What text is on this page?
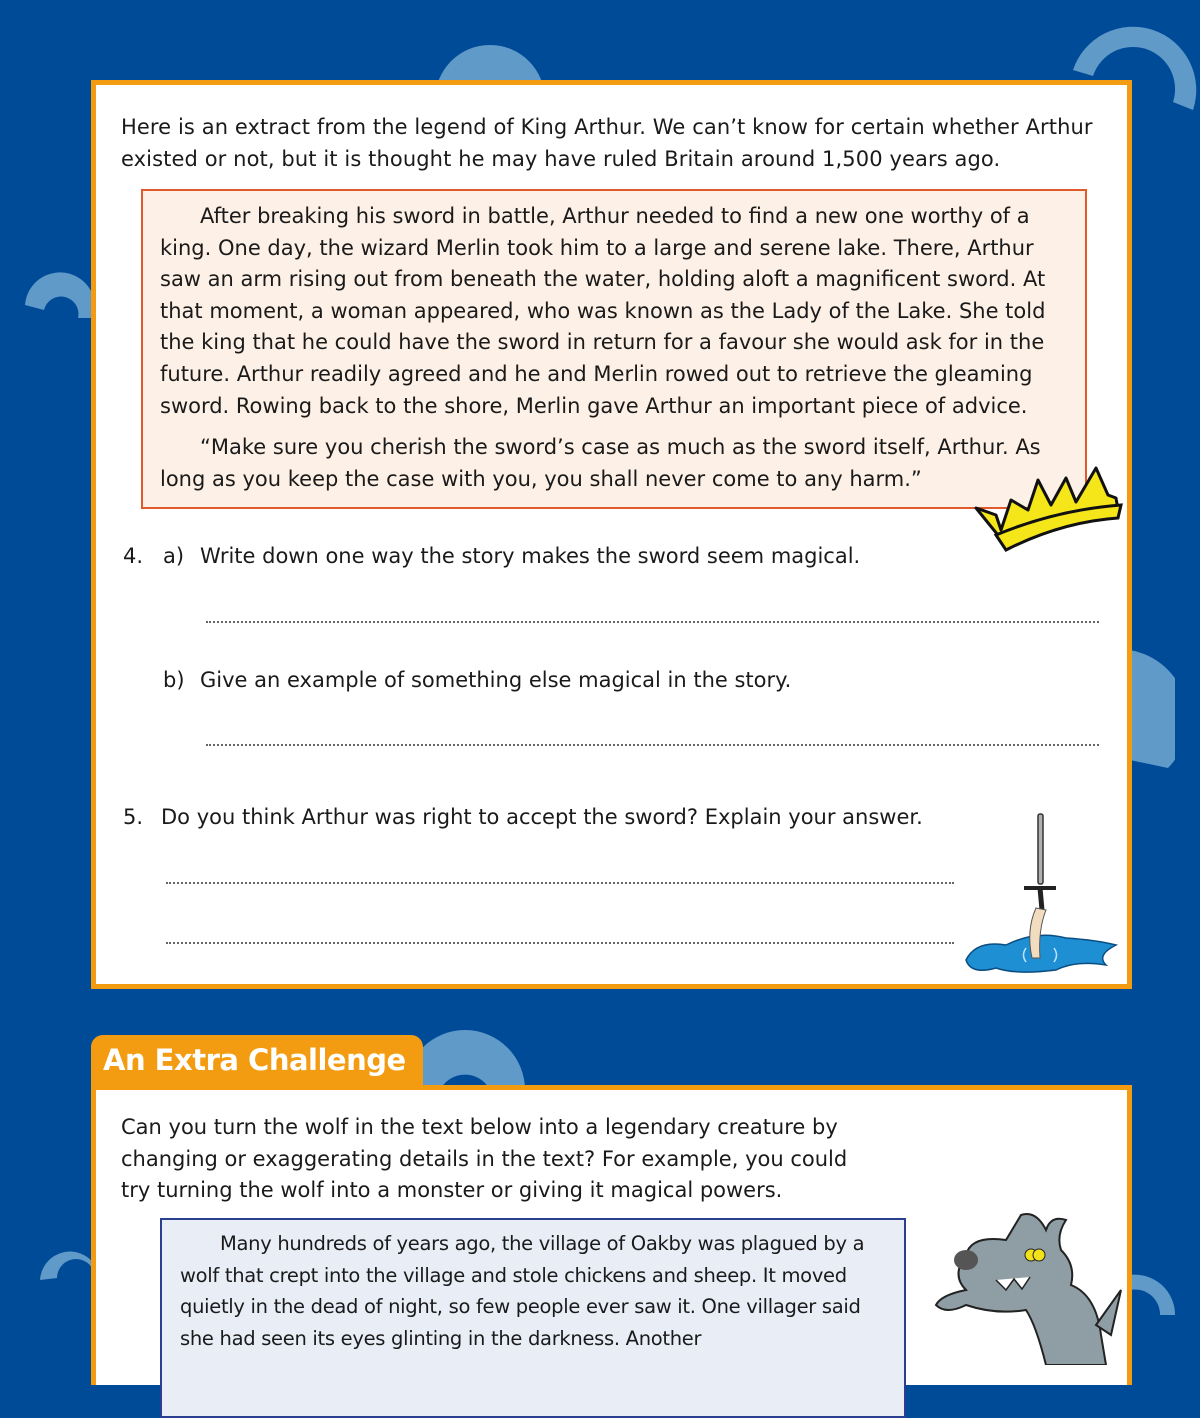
Here is an extract from the legend of King Arthur. We can’t know for certain whether Arthur existed or not, but it is thought he may have ruled Britain around 1,500 years ago.

After breaking his sword in battle, Arthur needed to find a new one worthy of a king. One day, the wizard Merlin took him to a large and serene lake. There, Arthur saw an arm rising out from beneath the water, holding aloft a magnificent sword. At that moment, a woman appeared, who was known as the Lady of the Lake. She told the king that he could have the sword in return for a favour she would ask for in the future. Arthur readily agreed and he and Merlin rowed out to retrieve the gleaming sword. Rowing back to the shore, Merlin gave Arthur an important piece of advice.

“Make sure you cherish the sword’s case as much as the sword itself, Arthur. As long as you keep the case with you, you shall never come to any harm.”

4. a) Write down one way the story makes the sword seem magical.
b) Give an example of something else magical in the story.
5. Do you think Arthur was right to accept the sword? Explain your answer.
Can you turn the wolf in the text below into a legendary creature by changing or exaggerating details in the text? For example, you could try turning the wolf into a monster or giving it magical powers.

Many hundreds of years ago, the village of Oakby was plagued by a wolf that crept into the village and stole chickens and sheep. It moved quietly in the dead of night, so few people ever saw it. One villager said she had seen its eyes glinting in the darkness. Another

An Extra Challenge
